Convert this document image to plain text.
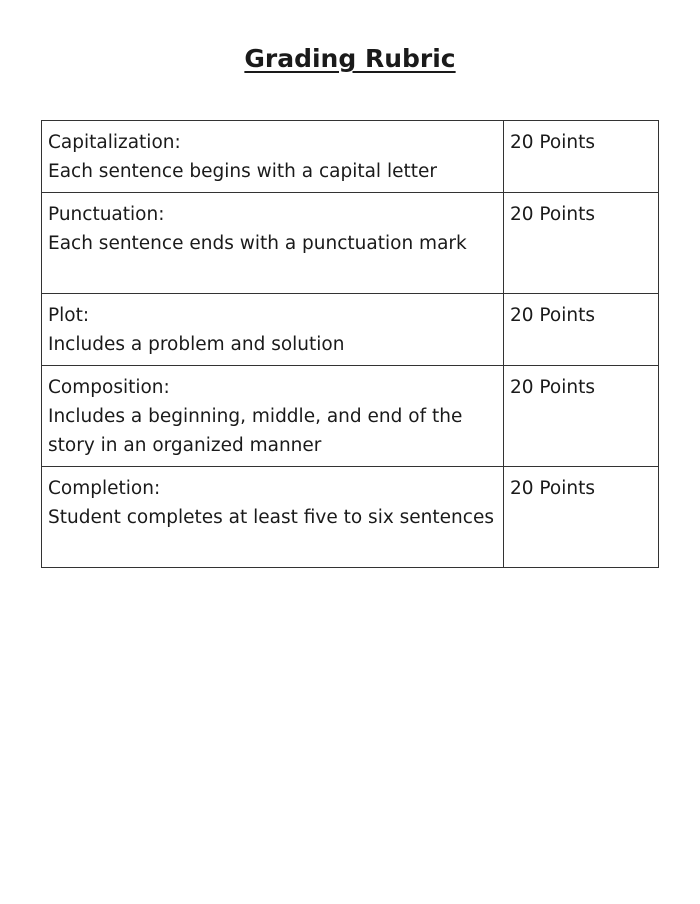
Grading Rubric
Capitalization:
Each sentence begins with a capital letter	20 Points

Punctuation:
Each sentence ends with a punctuation mark	20 Points

Plot:
Includes a problem and solution	20 Points

Composition:
Includes a beginning, middle, and end of the story in an organized manner	20 Points

Completion:
Student completes at least five to six sentences	20 Points
